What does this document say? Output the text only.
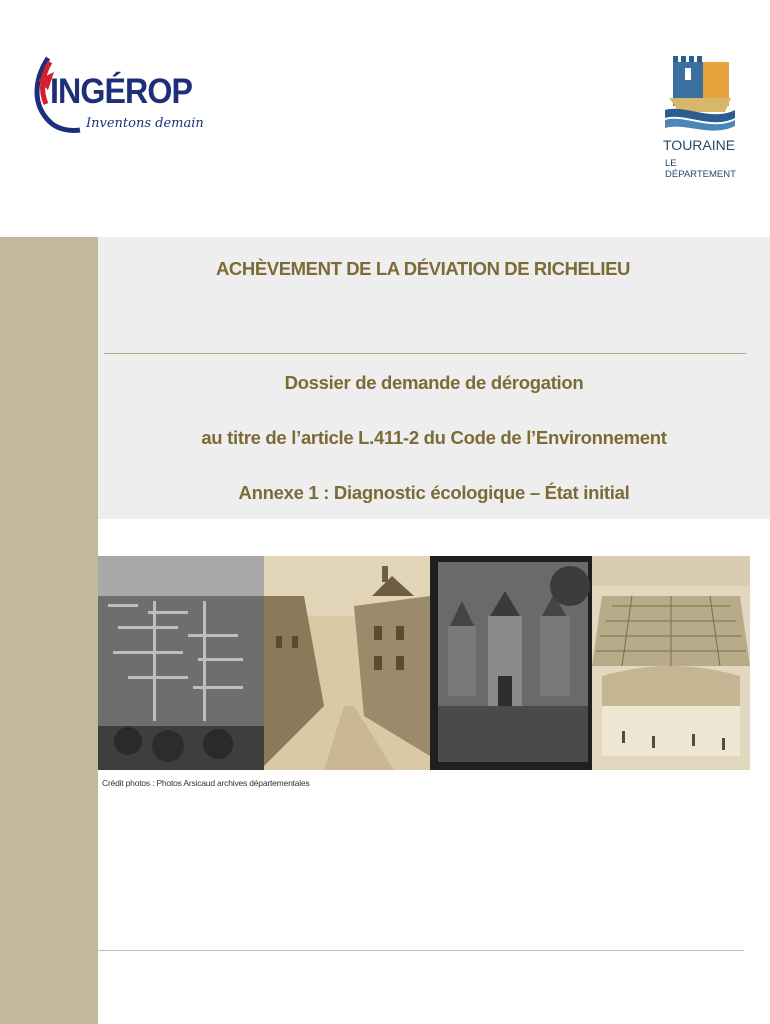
INGÉROP
Inventons demain
TOURAINE
LE DÉPARTEMENT
ACHÈVEMENT DE LA DÉVIATION DE RICHELIEU
Dossier de demande de dérogation
au titre de l’article L.411-2 du Code de l’Environnement
Annexe 1 : Diagnostic écologique – État initial
Crédit photos : Photos Arsicaud archives départementales
